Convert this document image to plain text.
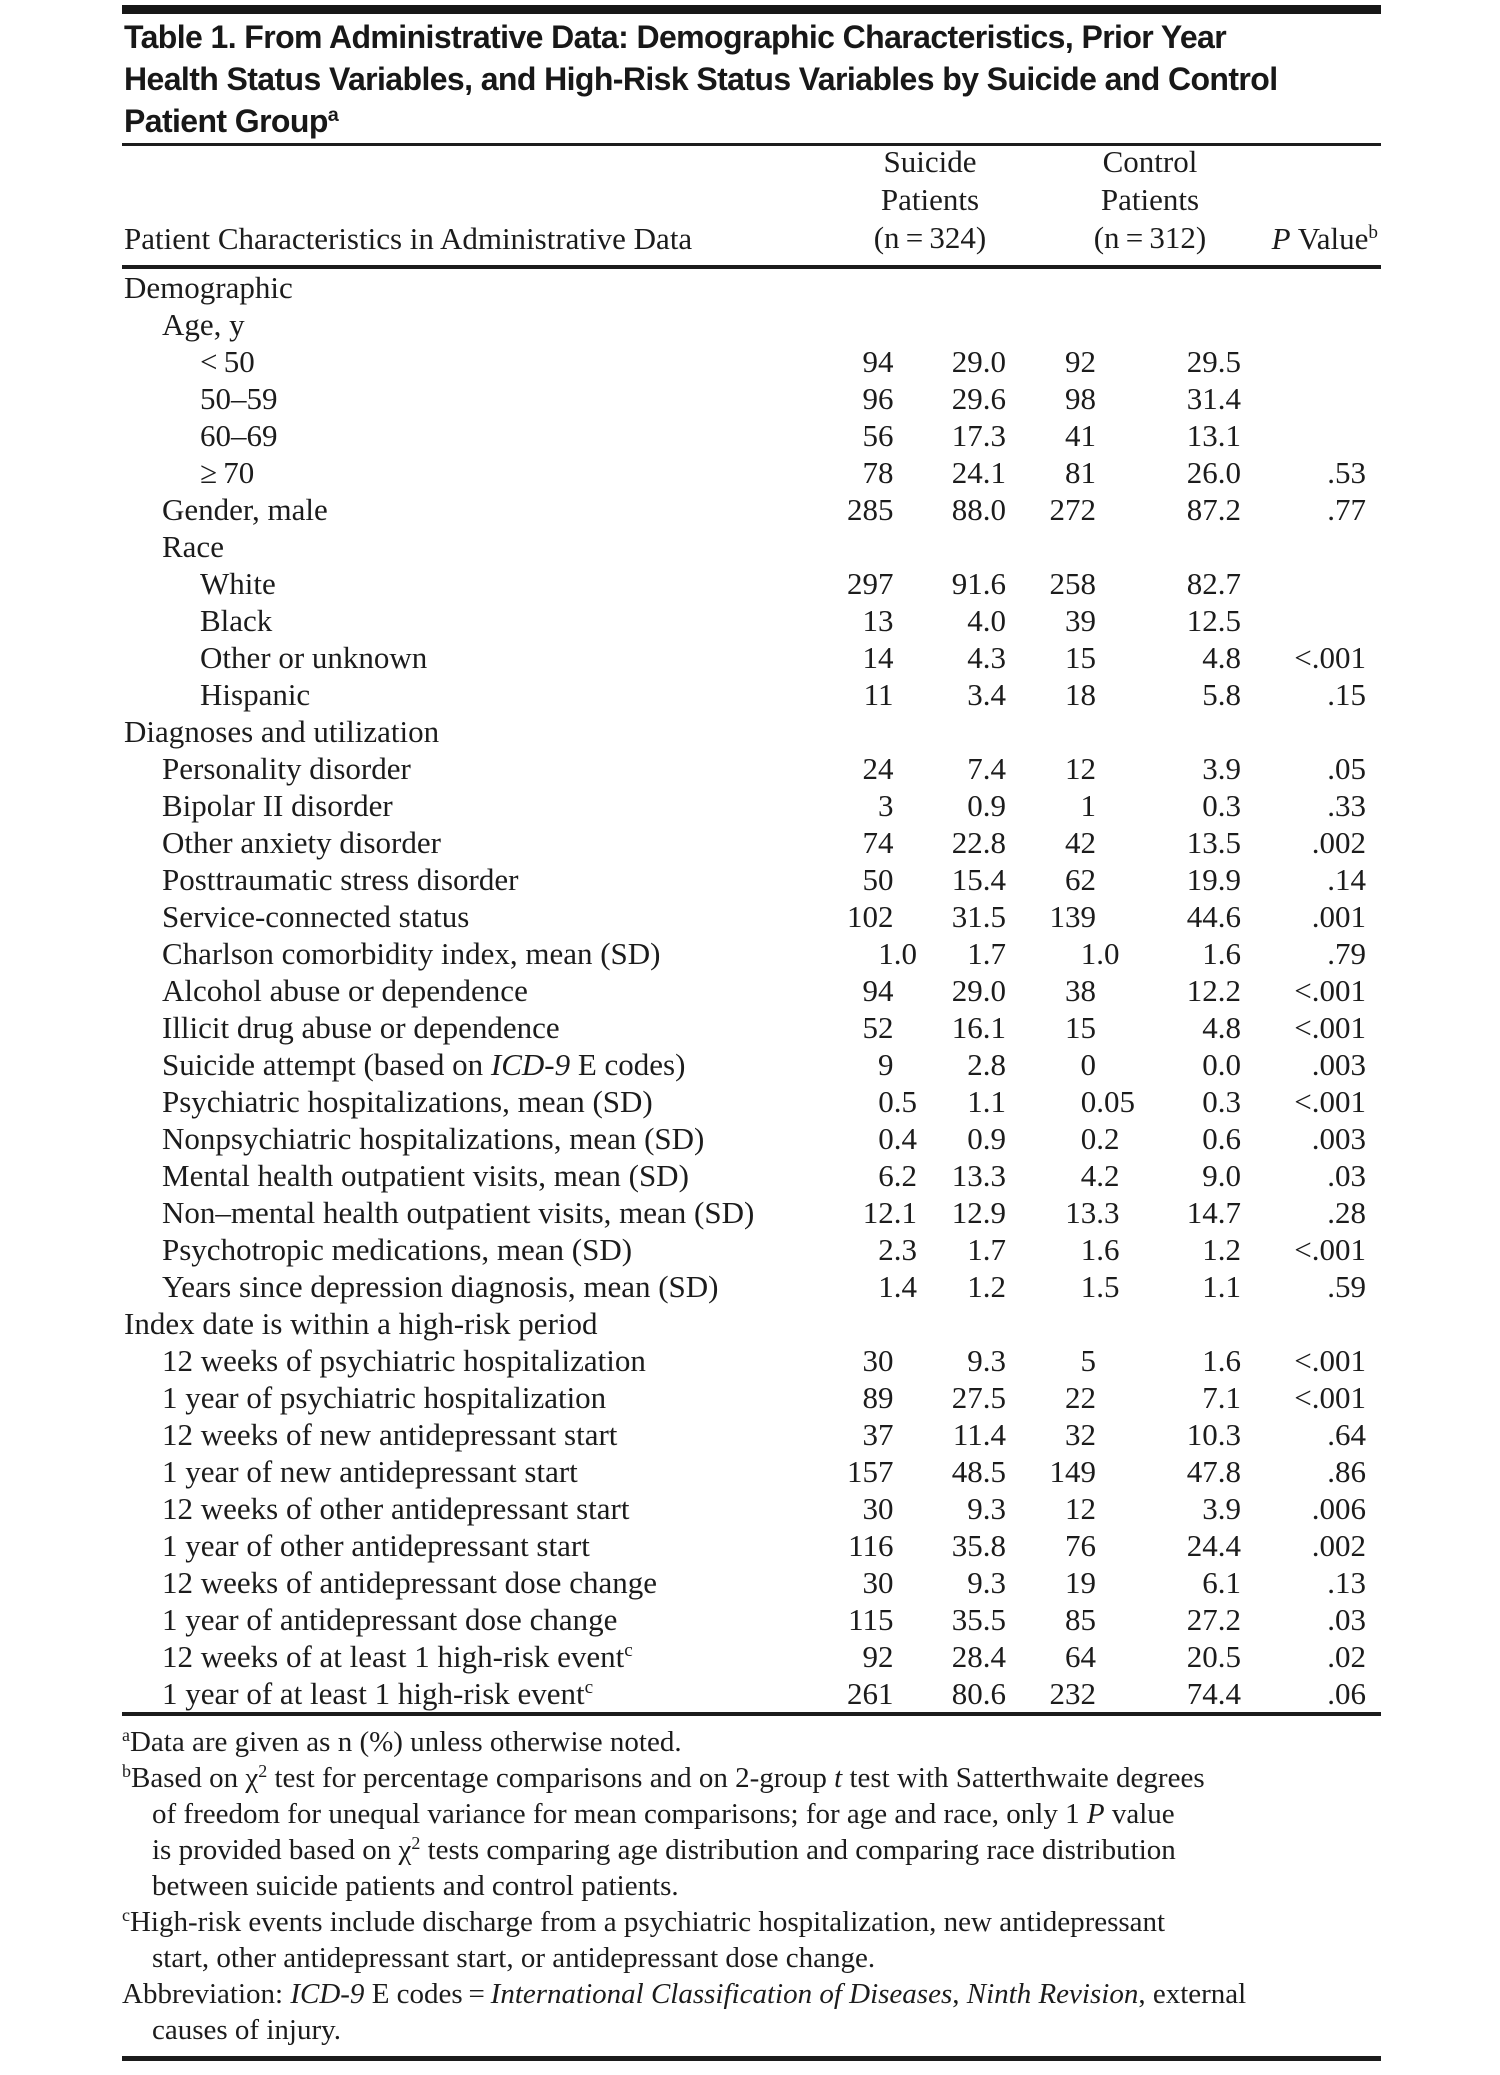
Table 1. From Administrative Data: Demographic Characteristics, Prior Year
Health Status Variables, and High-Risk Status Variables by Suicide and Control
Patient Group$^a$
Patient Characteristics in Administrative Data
Suicide
Patients
(n = 324)
Control
Patients
(n = 312)	P Value$^b$
Demographic
Age, y
< 50	94	29.0	92	29.5
50–59	96	29.6	98	31.4
60–69	56	17.3	41	13.1
≥ 70	78	24.1	81	26.0	.53
Gender, male	285	88.0	272	87.2	.77
Race
White	297	91.6	258	82.7
Black	13	4.0	39	12.5
Other or unknown	14	4.3	15	4.8	<.001
Hispanic	11	3.4	18	5.8	.15
Diagnoses and utilization
Personality disorder	24	7.4	12	3.9	.05
Bipolar II disorder	3	0.9	1	0.3	.33
Other anxiety disorder	74	22.8	42	13.5	.002
Posttraumatic stress disorder	50	15.4	62	19.9	.14
Service-connected status	102	31.5	139	44.6	.001
Charlson comorbidity index, mean (SD)	1.0	1.7	1.0	1.6	.79
Alcohol abuse or dependence	94	29.0	38	12.2	<.001
Illicit drug abuse or dependence	52	16.1	15	4.8	<.001
Suicide attempt (based on ICD-9 E codes)	9	2.8	0	0.0	.003
Psychiatric hospitalizations, mean (SD)	0.5	1.1	0.05	0.3	<.001
Nonpsychiatric hospitalizations, mean (SD)	0.4	0.9	0.2	0.6	.003
Mental health outpatient visits, mean (SD)	6.2	13.3	4.2	9.0	.03
Non–mental health outpatient visits, mean (SD)	12.1	12.9	13.3	14.7	.28
Psychotropic medications, mean (SD)	2.3	1.7	1.6	1.2	<.001
Years since depression diagnosis, mean (SD)	1.4	1.2	1.5	1.1	.59
Index date is within a high-risk period
12 weeks of psychiatric hospitalization	30	9.3	5	1.6	<.001
1 year of psychiatric hospitalization	89	27.5	22	7.1	<.001
12 weeks of new antidepressant start	37	11.4	32	10.3	.64
1 year of new antidepressant start	157	48.5	149	47.8	.86
12 weeks of other antidepressant start	30	9.3	12	3.9	.006
1 year of other antidepressant start	116	35.8	76	24.4	.002
12 weeks of antidepressant dose change	30	9.3	19	6.1	.13
1 year of antidepressant dose change	115	35.5	85	27.2	.03
12 weeks of at least 1 high-risk event$^c$	92	28.4	64	20.5	.02
1 year of at least 1 high-risk event$^c$	261	80.6	232	74.4	.06
$^a$Data are given as n (%) unless otherwise noted.
$^b$Based on $\chi^2$ test for percentage comparisons and on 2-group t test with Satterthwaite degrees
of freedom for unequal variance for mean comparisons; for age and race, only 1 P value
is provided based on $\chi^2$ tests comparing age distribution and comparing race distribution
between suicide patients and control patients.
$^c$High-risk events include discharge from a psychiatric hospitalization, new antidepressant
start, other antidepressant start, or antidepressant dose change.
Abbreviation: ICD-9 E codes = International Classification of Diseases, Ninth Revision, external
causes of injury.
